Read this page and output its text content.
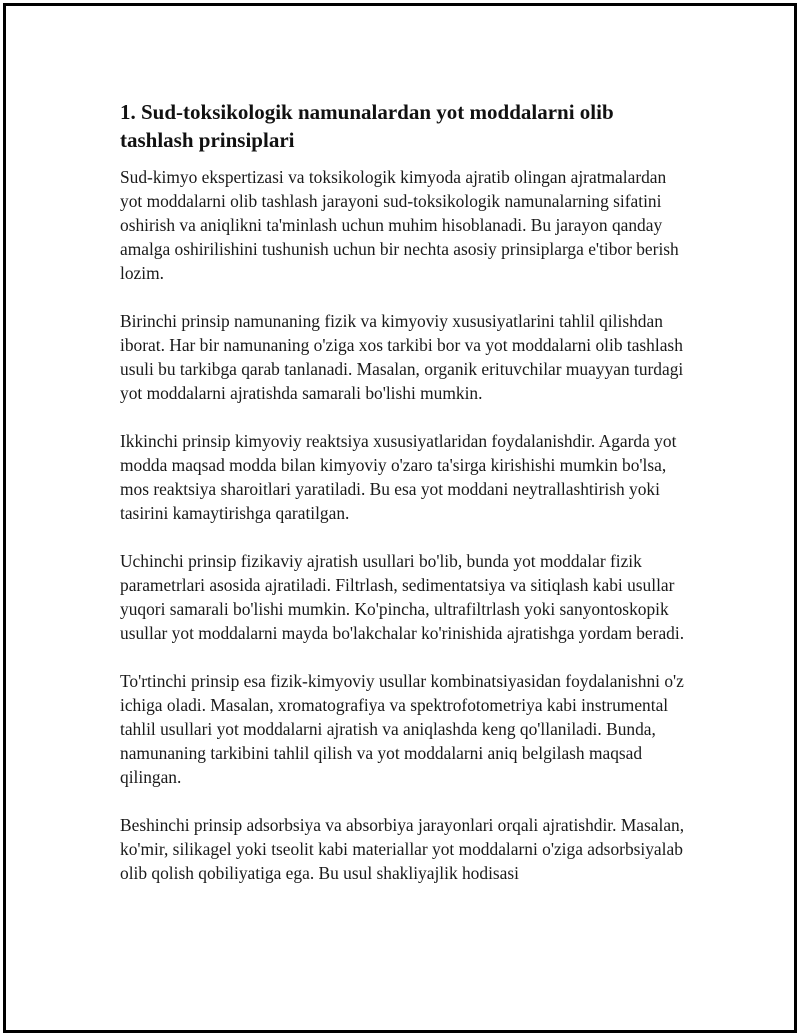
1. Sud-toksikologik namunalardan yot moddalarni olib tashlash prinsiplari

Sud-kimyo ekspertizasi va toksikologik kimyoda ajratib olingan ajratmalardan yot moddalarni olib tashlash jarayoni sud-toksikologik namunalarning sifatini oshirish va aniqlikni ta'minlash uchun muhim hisoblanadi. Bu jarayon qanday amalga oshirilishini tushunish uchun bir nechta asosiy prinsiplarga e'tibor berish lozim.

Birinchi prinsip namunaning fizik va kimyoviy xususiyatlarini tahlil qilishdan iborat. Har bir namunaning o'ziga xos tarkibi bor va yot moddalarni olib tashlash usuli bu tarkibga qarab tanlanadi. Masalan, organik erituvchilar muayyan turdagi yot moddalarni ajratishda samarali bo'lishi mumkin.

Ikkinchi prinsip kimyoviy reaktsiya xususiyatlaridan foydalanishdir. Agarda yot modda maqsad modda bilan kimyoviy o'zaro ta'sirga kirishishi mumkin bo'lsa, mos reaktsiya sharoitlari yaratiladi. Bu esa yot moddani neytrallashtirish yoki tasirini kamaytirishga qaratilgan.

Uchinchi prinsip fizikaviy ajratish usullari bo'lib, bunda yot moddalar fizik parametrlari asosida ajratiladi. Filtrlash, sedimentatsiya va sitiqlash kabi usullar yuqori samarali bo'lishi mumkin. Ko'pincha, ultrafiltrlash yoki sanyontoskopik usullar yot moddalarni mayda bo'lakchalar ko'rinishida ajratishga yordam beradi.

To'rtinchi prinsip esa fizik-kimyoviy usullar kombinatsiyasidan foydalanishni o'z ichiga oladi. Masalan, xromatografiya va spektrofotometriya kabi instrumental tahlil usullari yot moddalarni ajratish va aniqlashda keng qo'llaniladi. Bunda, namunaning tarkibini tahlil qilish va yot moddalarni aniq belgilash maqsad qilingan.

Beshinchi prinsip adsorbsiya va absorbiya jarayonlari orqali ajratishdir. Masalan, ko'mir, silikagel yoki tseolit kabi materiallar yot moddalarni o'ziga adsorbsiyalab olib qolish qobiliyatiga ega. Bu usul shakliyajlik hodisasi
